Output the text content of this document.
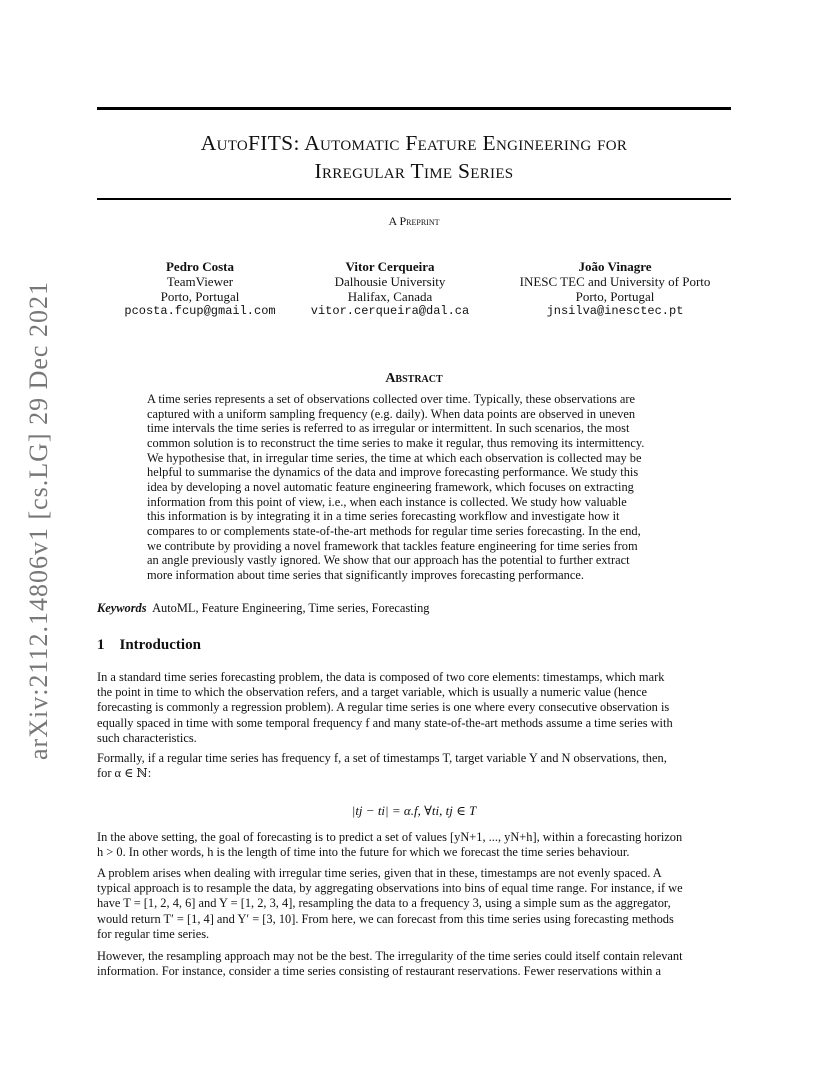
arXiv:2112.14806v1 [cs.LG] 29 Dec 2021
AutoFITS: Automatic Feature Engineering for
Irregular Time Series
A Preprint
Pedro Costa
TeamViewer
Porto, Portugal
pcosta.fcup@gmail.com
Vitor Cerqueira
Dalhousie University
Halifax, Canada
vitor.cerqueira@dal.ca
João Vinagre
INESC TEC and University of Porto
Porto, Portugal
jnsilva@inesctec.pt
Abstract
A time series represents a set of observations collected over time. Typically, these observations are
captured with a uniform sampling frequency (e.g. daily). When data points are observed in uneven
time intervals the time series is referred to as irregular or intermittent. In such scenarios, the most
common solution is to reconstruct the time series to make it regular, thus removing its intermittency.
We hypothesise that, in irregular time series, the time at which each observation is collected may be
helpful to summarise the dynamics of the data and improve forecasting performance. We study this
idea by developing a novel automatic feature engineering framework, which focuses on extracting
information from this point of view, i.e., when each instance is collected. We study how valuable
this information is by integrating it in a time series forecasting workflow and investigate how it
compares to or complements state-of-the-art methods for regular time series forecasting. In the end,
we contribute by providing a novel framework that tackles feature engineering for time series from
an angle previously vastly ignored. We show that our approach has the potential to further extract
more information about time series that significantly improves forecasting performance.
Keywords AutoML, Feature Engineering, Time series, Forecasting
1 Introduction
In a standard time series forecasting problem, the data is composed of two core elements: timestamps, which mark
the point in time to which the observation refers, and a target variable, which is usually a numeric value (hence
forecasting is commonly a regression problem). A regular time series is one where every consecutive observation is
equally spaced in time with some temporal frequency f and many state-of-the-art methods assume a time series with
such characteristics.
Formally, if a regular time series has frequency f, a set of timestamps T, target variable Y and N observations, then,
for α ∈ ℕ:
|tj − ti| = α.f, ∀ti, tj ∈ T
In the above setting, the goal of forecasting is to predict a set of values [yN+1, ..., yN+h], within a forecasting horizon
h > 0. In other words, h is the length of time into the future for which we forecast the time series behaviour.
A problem arises when dealing with irregular time series, given that in these, timestamps are not evenly spaced. A
typical approach is to resample the data, by aggregating observations into bins of equal time range. For instance, if we
have T = [1, 2, 4, 6] and Y = [1, 2, 3, 4], resampling the data to a frequency 3, using a simple sum as the aggregator,
would return T′ = [1, 4] and Y′ = [3, 10]. From here, we can forecast from this time series using forecasting methods
for regular time series.
However, the resampling approach may not be the best. The irregularity of the time series could itself contain relevant
information. For instance, consider a time series consisting of restaurant reservations. Fewer reservations within a
